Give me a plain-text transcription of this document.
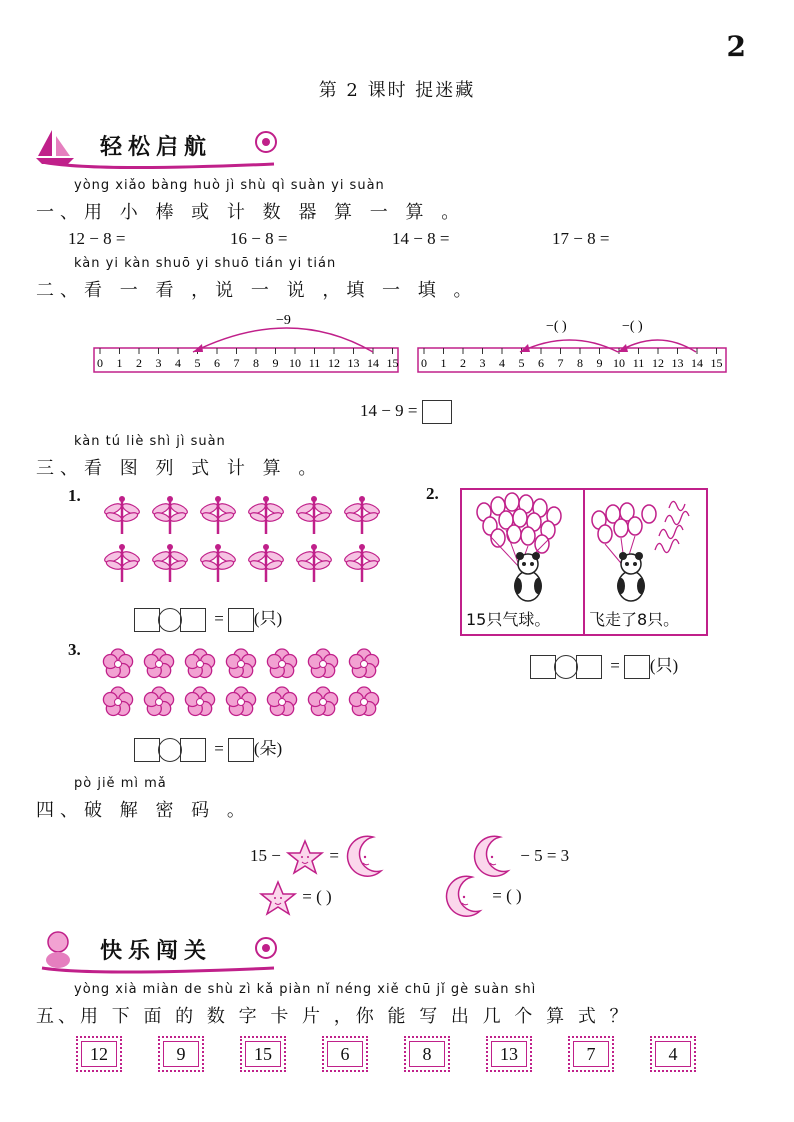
2
第 2 课时 捉迷藏
轻松启航
yòng xiǎo bàng huò jì shù qì suàn yi suàn
一、用 小 棒 或 计 数 器 算 一 算 。
12 − 8 =	16 − 8 =	14 − 8 =	17 − 8 =
kàn yi kàn shuō yi shuō tián yi tián
二、看 一 看 ，说 一 说 ，填 一 填 。
0 1 2 3 4 5 6 7 8 9 10 11 12 13 14 15
−9
0 1 2 3 4 5 6 7 8 9 10 11 12 13 14 15
−( )	−( )
14 − 9 =
kàn tú liè shì jì suàn
三、看 图 列 式 计 算 。
1.
= (只)
2.
15只气球。 飞走了8只。
= (只)
3.
= (朵)
pò jiě mì mǎ
四、破 解 密 码 。
15 −	=	− 5 = 3
= ( )	= ( )
快乐闯关
yòng xià miàn de shù zì kǎ piàn nǐ néng xiě chū jǐ gè suàn shì
五、用 下 面 的 数 字 卡 片 ，你 能 写 出 几 个 算 式 ？
12	9	15	6	8	13	7	4
